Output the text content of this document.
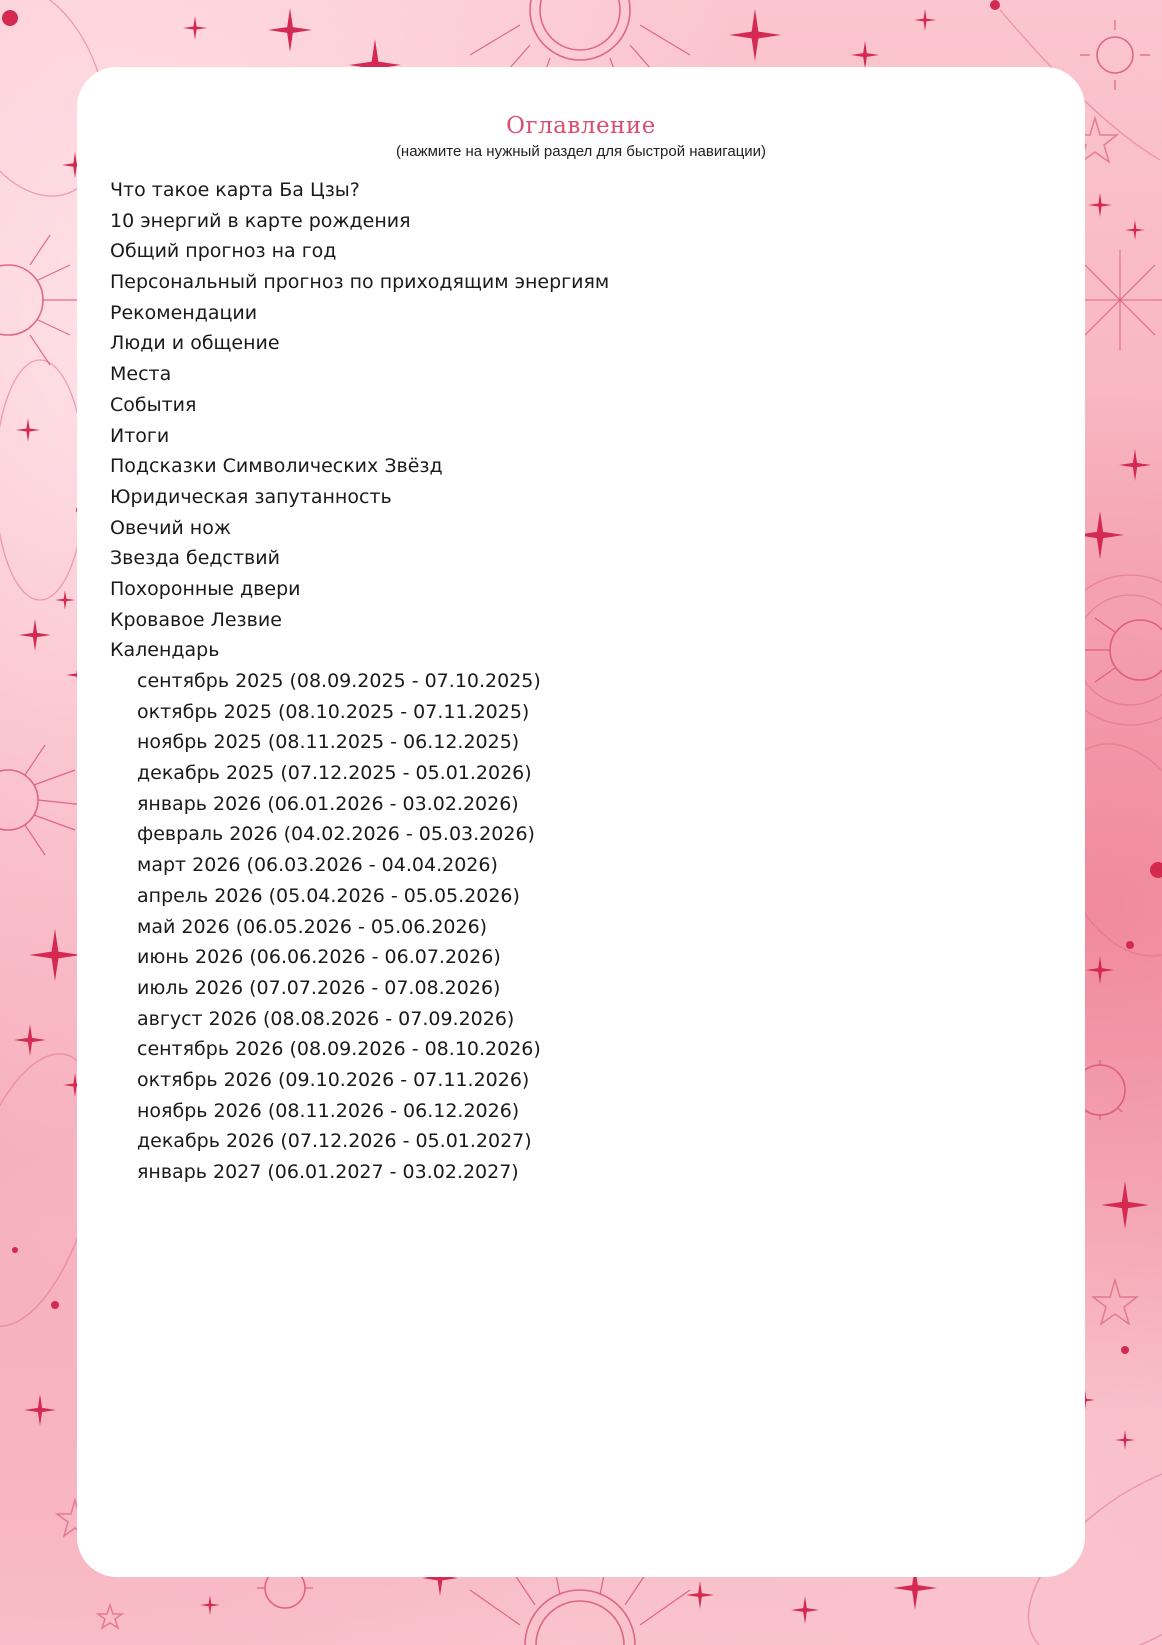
Оглавление
(нажмите на нужный раздел для быстрой навигации)
Что такое карта Ба Цзы?
10 энергий в карте рождения
Общий прогноз на год
Персональный прогноз по приходящим энергиям
Рекомендации
Люди и общение
Места
События
Итоги
Подсказки Символических Звёзд
Юридическая запутанность
Овечий нож
Звезда бедствий
Похоронные двери
Кровавое Лезвие
Календарь
сентябрь 2025 (08.09.2025 - 07.10.2025)
октябрь 2025 (08.10.2025 - 07.11.2025)
ноябрь 2025 (08.11.2025 - 06.12.2025)
декабрь 2025 (07.12.2025 - 05.01.2026)
январь 2026 (06.01.2026 - 03.02.2026)
февраль 2026 (04.02.2026 - 05.03.2026)
март 2026 (06.03.2026 - 04.04.2026)
апрель 2026 (05.04.2026 - 05.05.2026)
май 2026 (06.05.2026 - 05.06.2026)
июнь 2026 (06.06.2026 - 06.07.2026)
июль 2026 (07.07.2026 - 07.08.2026)
август 2026 (08.08.2026 - 07.09.2026)
сентябрь 2026 (08.09.2026 - 08.10.2026)
октябрь 2026 (09.10.2026 - 07.11.2026)
ноябрь 2026 (08.11.2026 - 06.12.2026)
декабрь 2026 (07.12.2026 - 05.01.2027)
январь 2027 (06.01.2027 - 03.02.2027)
